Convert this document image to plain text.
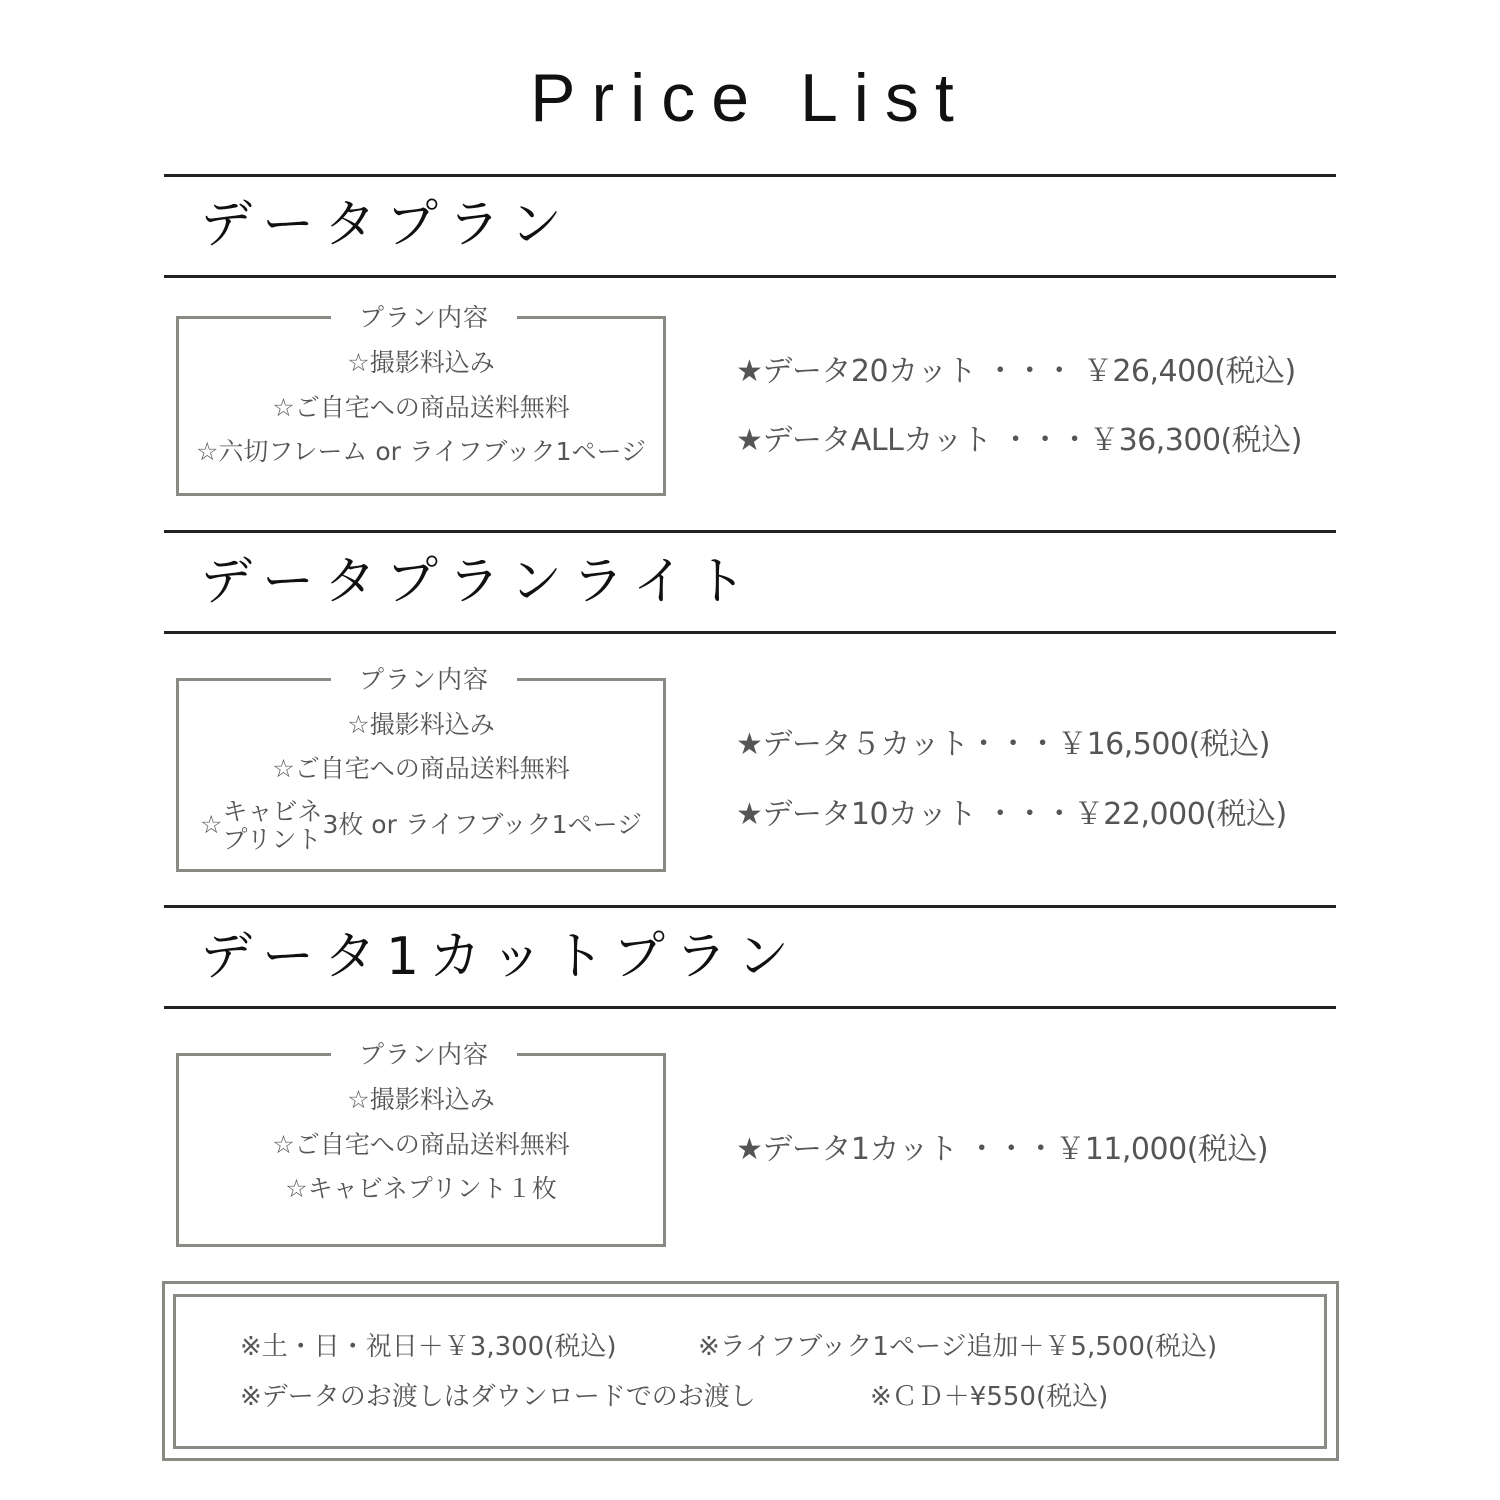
Price List
データプラン
プラン内容
☆撮影料込み
☆ご自宅への商品送料無料
☆六切フレーム or ライフブック1ページ
★データ20カット ・・・ ￥26,400(税込)
★データALLカット ・・・￥36,300(税込)
データプランライト
プラン内容
☆撮影料込み
☆ご自宅への商品送料無料
☆キャビネ
プリント3枚 or ライフブック1ページ
★データ５カット・・・￥16,500(税込)
★データ10カット ・・・￥22,000(税込)
データ1カットプラン
プラン内容
☆撮影料込み
☆ご自宅への商品送料無料
☆キャビネプリント１枚
★データ1カット ・・・￥11,000(税込)
※土・日・祝日＋￥3,300(税込)	※ライフブック1ページ追加＋￥5,500(税込)
※データのお渡しはダウンロードでのお渡し	※ＣＤ＋¥550(税込)
